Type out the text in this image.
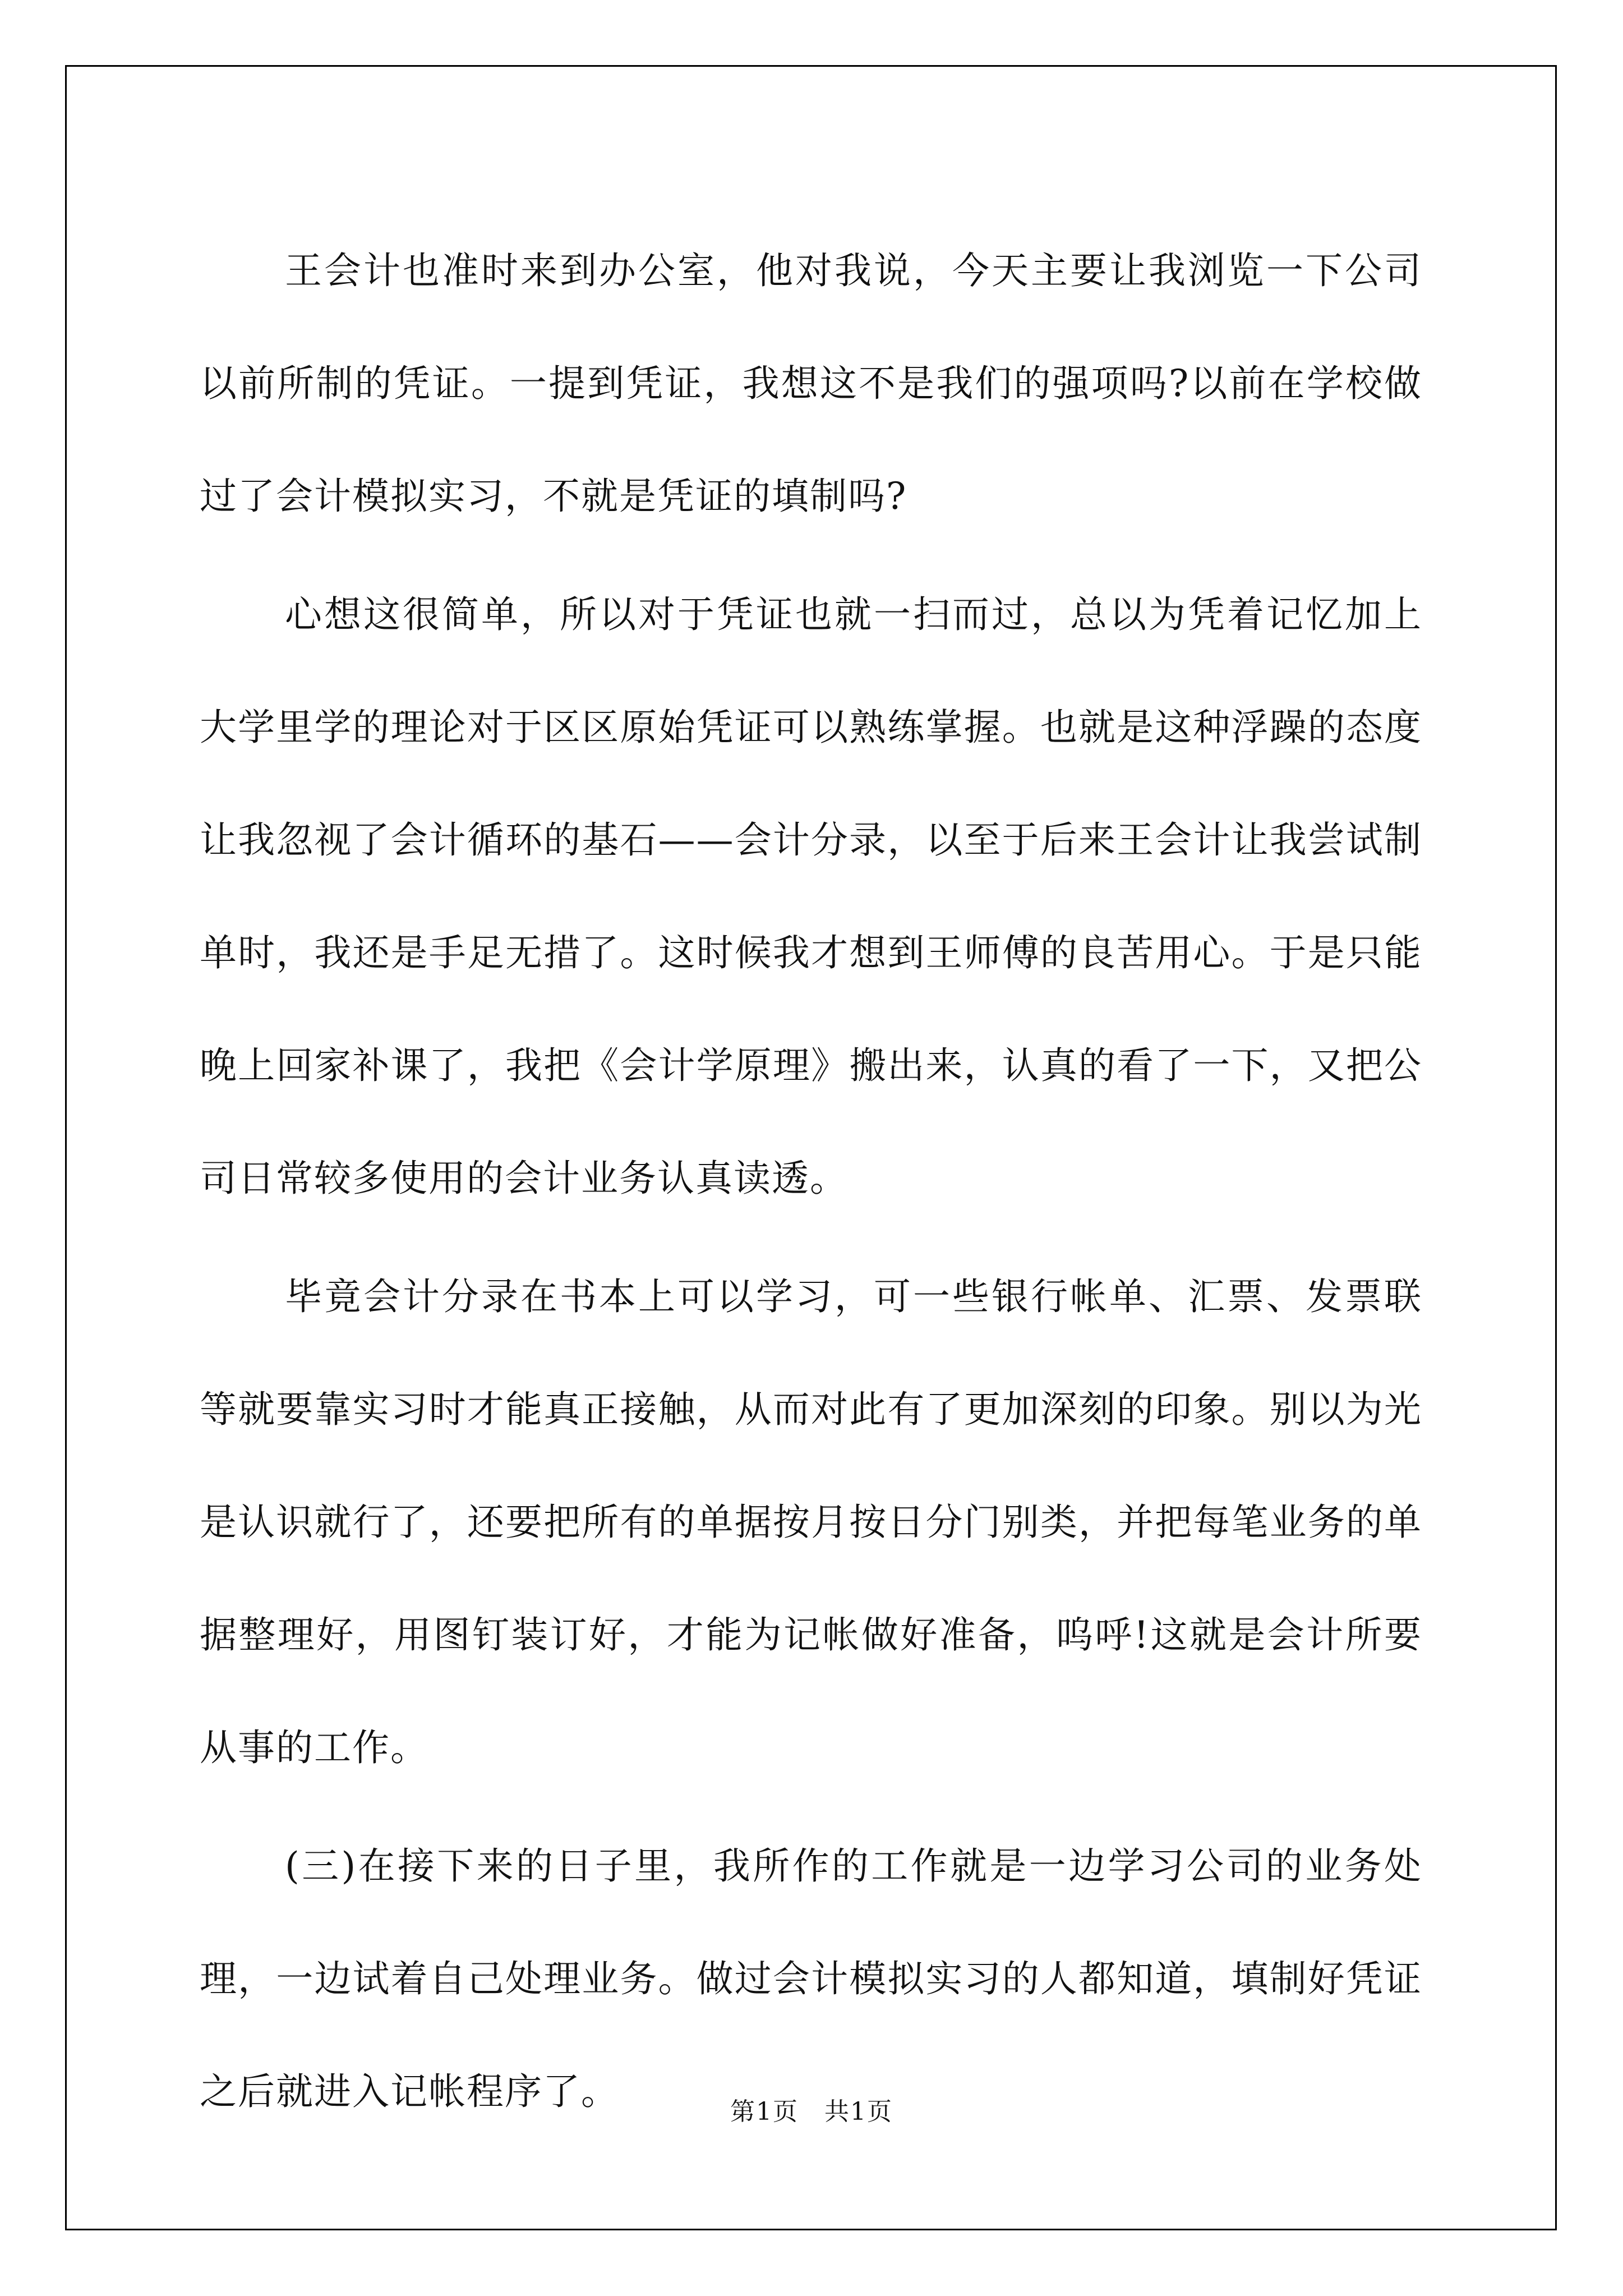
王会计也准时来到办公室，他对我说，今天主要让我浏览一下公司以前所制的凭证。一提到凭证，我想这不是我们的强项吗?以前在学校做过了会计模拟实习，不就是凭证的填制吗?

心想这很简单，所以对于凭证也就一扫而过，总以为凭着记忆加上大学里学的理论对于区区原始凭证可以熟练掌握。也就是这种浮躁的态度让我忽视了会计循环的基石——会计分录，以至于后来王会计让我尝试制单时，我还是手足无措了。这时候我才想到王师傅的良苦用心。于是只能晚上回家补课了，我把《会计学原理》搬出来，认真的看了一下，又把公司日常较多使用的会计业务认真读透。

毕竟会计分录在书本上可以学习，可一些银行帐单、汇票、发票联等就要靠实习时才能真正接触，从而对此有了更加深刻的印象。别以为光是认识就行了，还要把所有的单据按月按日分门别类，并把每笔业务的单据整理好，用图钉装订好，才能为记帐做好准备，呜呼!这就是会计所要从事的工作。

(三)在接下来的日子里，我所作的工作就是一边学习公司的业务处理，一边试着自己处理业务。做过会计模拟实习的人都知道，填制好凭证之后就进入记帐程序了。	第1页　共1页
